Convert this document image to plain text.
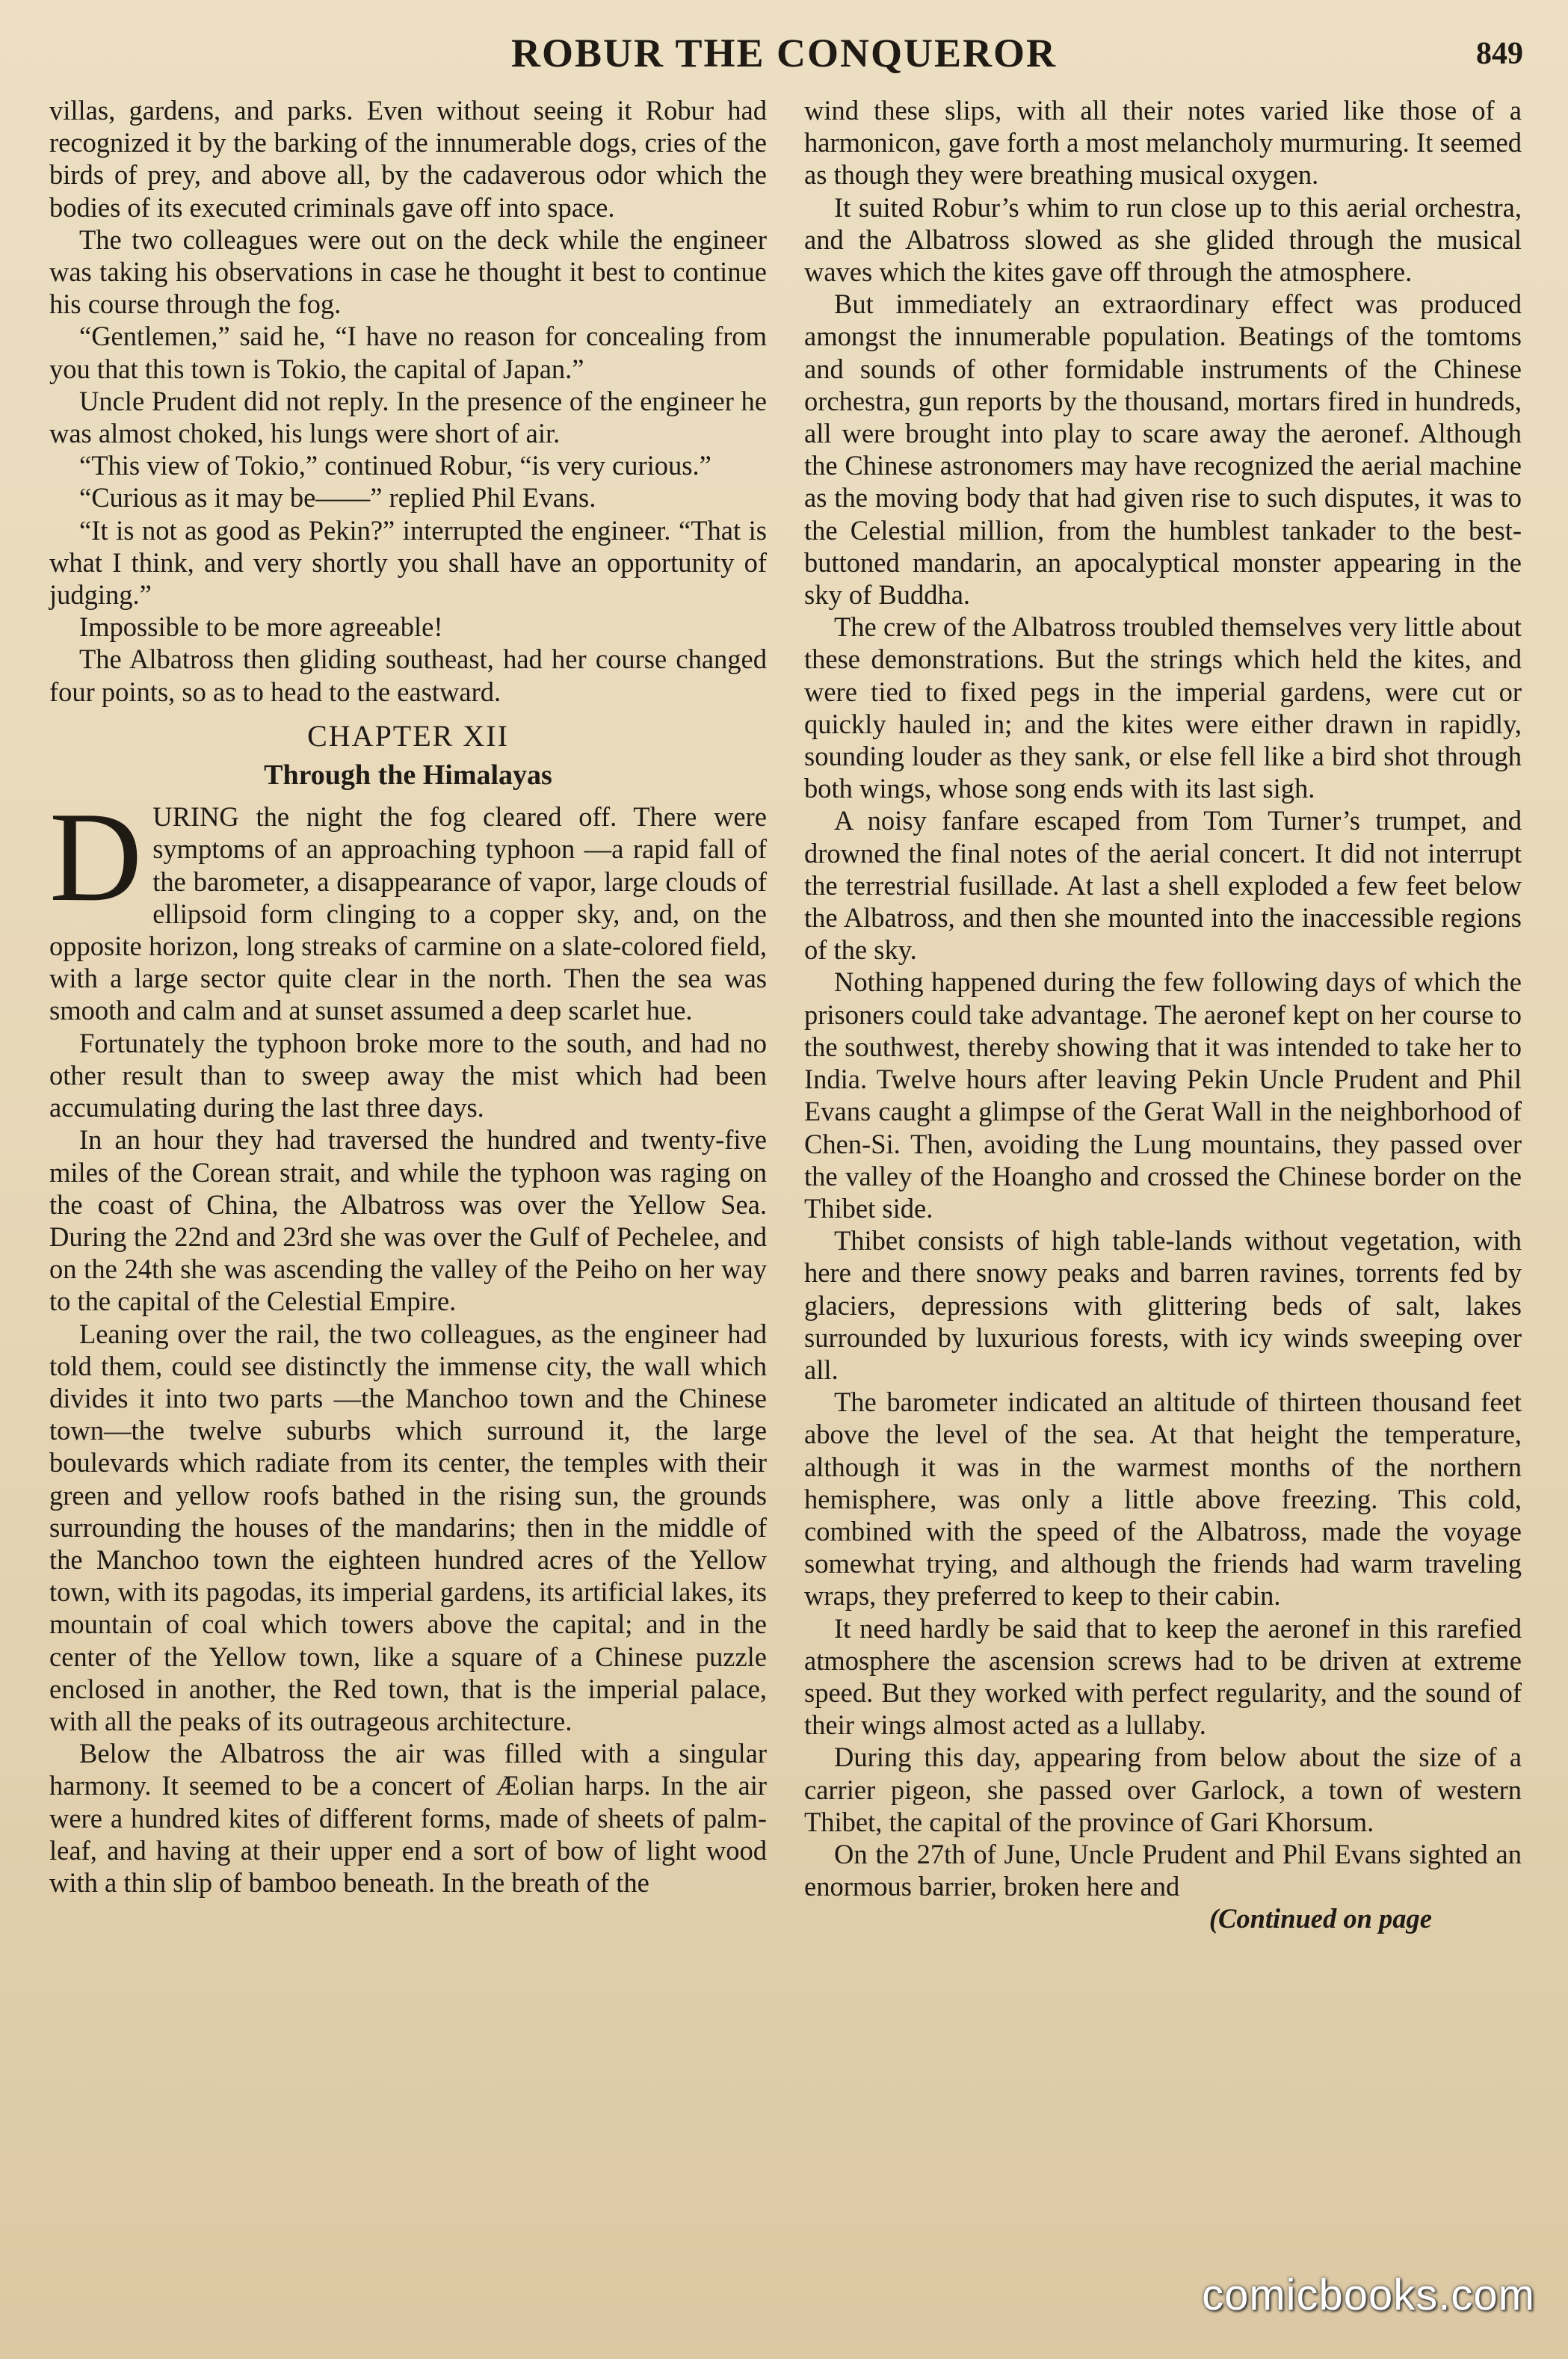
ROBUR THE CONQUEROR	849

villas, gardens, and parks. Even without seeing it Robur had recognized it by the barking of the innumerable dogs, cries of the birds of prey, and above all, by the cadaverous odor which the bodies of its executed criminals gave off into space.

The two colleagues were out on the deck while the engineer was taking his observations in case he thought it best to continue his course through the fog.

“Gentlemen,” said he, “I have no reason for concealing from you that this town is Tokio, the capital of Japan.”

Uncle Prudent did not reply. In the presence of the engineer he was almost choked, his lungs were short of air.

“This view of Tokio,” continued Robur, “is very curious.”

“Curious as it may be——” replied Phil Evans.

“It is not as good as Pekin?” interrupted the engineer. “That is what I think, and very shortly you shall have an opportunity of judging.”

Impossible to be more agreeable!

The Albatross then gliding southeast, had her course changed four points, so as to head to the eastward.

CHAPTER XII
Through the Himalayas

DURING the night the fog cleared off. There were symptoms of an approaching typhoon —a rapid fall of the barometer, a disappearance of vapor, large clouds of ellipsoid form clinging to a copper sky, and, on the opposite horizon, long streaks of carmine on a slate-colored field, with a large sector quite clear in the north. Then the sea was smooth and calm and at sunset assumed a deep scarlet hue.

Fortunately the typhoon broke more to the south, and had no other result than to sweep away the mist which had been accumulating during the last three days.

In an hour they had traversed the hundred and twenty-five miles of the Corean strait, and while the typhoon was raging on the coast of China, the Albatross was over the Yellow Sea. During the 22nd and 23rd she was over the Gulf of Pechelee, and on the 24th she was ascending the valley of the Peiho on her way to the capital of the Celestial Empire.

Leaning over the rail, the two colleagues, as the engineer had told them, could see distinctly the immense city, the wall which divides it into two parts —the Manchoo town and the Chinese town—the twelve suburbs which surround it, the large boulevards which radiate from its center, the temples with their green and yellow roofs bathed in the rising sun, the grounds surrounding the houses of the mandarins; then in the middle of the Manchoo town the eighteen hundred acres of the Yellow town, with its pagodas, its imperial gardens, its artificial lakes, its mountain of coal which towers above the capital; and in the center of the Yellow town, like a square of a Chinese puzzle enclosed in another, the Red town, that is the imperial palace, with all the peaks of its outrageous architecture.

Below the Albatross the air was filled with a singular harmony. It seemed to be a concert of Æolian harps. In the air were a hundred kites of different forms, made of sheets of palm-leaf, and having at their upper end a sort of bow of light wood with a thin slip of bamboo beneath. In the breath of the

wind these slips, with all their notes varied like those of a harmonicon, gave forth a most melancholy murmuring. It seemed as though they were breathing musical oxygen.

It suited Robur’s whim to run close up to this aerial orchestra, and the Albatross slowed as she glided through the musical waves which the kites gave off through the atmosphere.

But immediately an extraordinary effect was produced amongst the innumerable population. Beatings of the tomtoms and sounds of other formidable instruments of the Chinese orchestra, gun reports by the thousand, mortars fired in hundreds, all were brought into play to scare away the aeronef. Although the Chinese astronomers may have recognized the aerial machine as the moving body that had given rise to such disputes, it was to the Celestial million, from the humblest tankader to the best-buttoned mandarin, an apocalyptical monster appearing in the sky of Buddha.

The crew of the Albatross troubled themselves very little about these demonstrations. But the strings which held the kites, and were tied to fixed pegs in the imperial gardens, were cut or quickly hauled in; and the kites were either drawn in rapidly, sounding louder as they sank, or else fell like a bird shot through both wings, whose song ends with its last sigh.

A noisy fanfare escaped from Tom Turner’s trumpet, and drowned the final notes of the aerial concert. It did not interrupt the terrestrial fusillade. At last a shell exploded a few feet below the Albatross, and then she mounted into the inaccessible regions of the sky.

Nothing happened during the few following days of which the prisoners could take advantage. The aeronef kept on her course to the southwest, thereby showing that it was intended to take her to India. Twelve hours after leaving Pekin Uncle Prudent and Phil Evans caught a glimpse of the Gerat Wall in the neighborhood of Chen-Si. Then, avoiding the Lung mountains, they passed over the valley of the Hoangho and crossed the Chinese border on the Thibet side.

Thibet consists of high table-lands without vegetation, with here and there snowy peaks and barren ravines, torrents fed by glaciers, depressions with glittering beds of salt, lakes surrounded by luxurious forests, with icy winds sweeping over all.

The barometer indicated an altitude of thirteen thousand feet above the level of the sea. At that height the temperature, although it was in the warmest months of the northern hemisphere, was only a little above freezing. This cold, combined with the speed of the Albatross, made the voyage somewhat trying, and although the friends had warm traveling wraps, they preferred to keep to their cabin.

It need hardly be said that to keep the aeronef in this rarefied atmosphere the ascension screws had to be driven at extreme speed. But they worked with perfect regularity, and the sound of their wings almost acted as a lullaby.

During this day, appearing from below about the size of a carrier pigeon, she passed over Garlock, a town of western Thibet, the capital of the province of Gari Khorsum.

On the 27th of June, Uncle Prudent and Phil Evans sighted an enormous barrier, broken here and

(Continued on page

comicbooks.com
